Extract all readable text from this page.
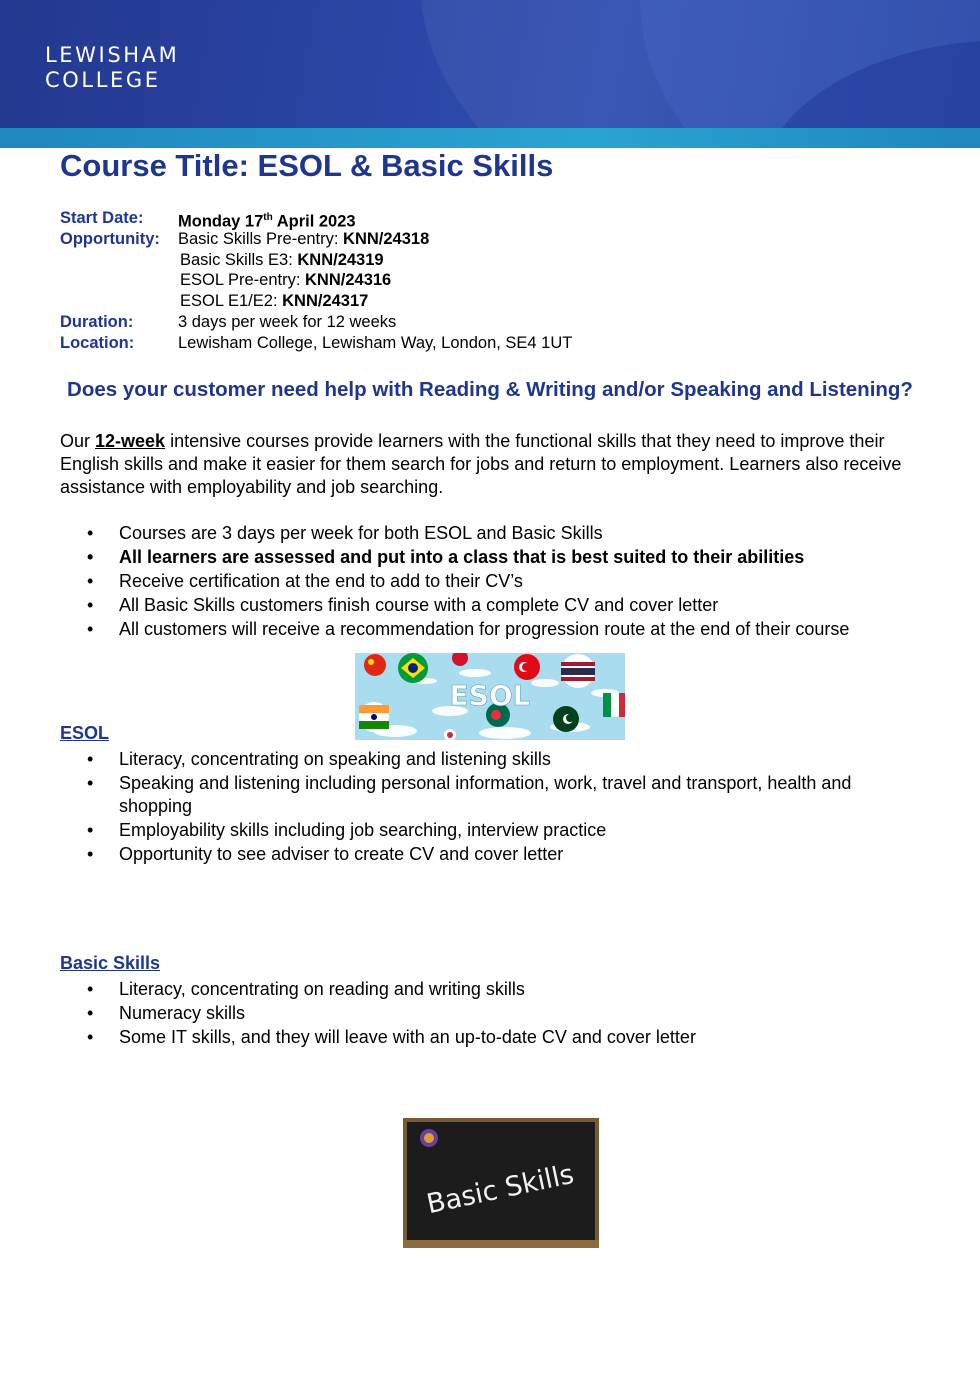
LEWISHAM
COLLEGE
Course Title: ESOL & Basic Skills
Start Date: Monday 17th April 2023
Opportunity: Basic Skills Pre-entry: KNN/24318
Basic Skills E3: KNN/24319
ESOL Pre-entry: KNN/24316
ESOL E1/E2: KNN/24317
Duration:	3 days per week for 12 weeks
Location:	Lewisham College, Lewisham Way, London, SE4 1UT
Does your customer need help with Reading & Writing and/or Speaking and Listening?

Our 12-week intensive courses provide learners with the functional skills that they need to improve their English skills and make it easier for them search for jobs and return to employment. Learners also receive assistance with employability and job searching.

• Courses are 3 days per week for both ESOL and Basic Skills
• All learners are assessed and put into a class that is best suited to their abilities
• Receive certification at the end to add to their CV’s
• All Basic Skills customers finish course with a complete CV and cover letter
• All customers will receive a recommendation for progression route at the end of their course
ESOL
ESOL
• Literacy, concentrating on speaking and listening skills
• Speaking and listening including personal information, work, travel and transport, health and shopping
• Employability skills including job searching, interview practice
• Opportunity to see adviser to create CV and cover letter
Basic Skills
• Literacy, concentrating on reading and writing skills
• Numeracy skills
• Some IT skills, and they will leave with an up-to-date CV and cover letter
Basic Skills
